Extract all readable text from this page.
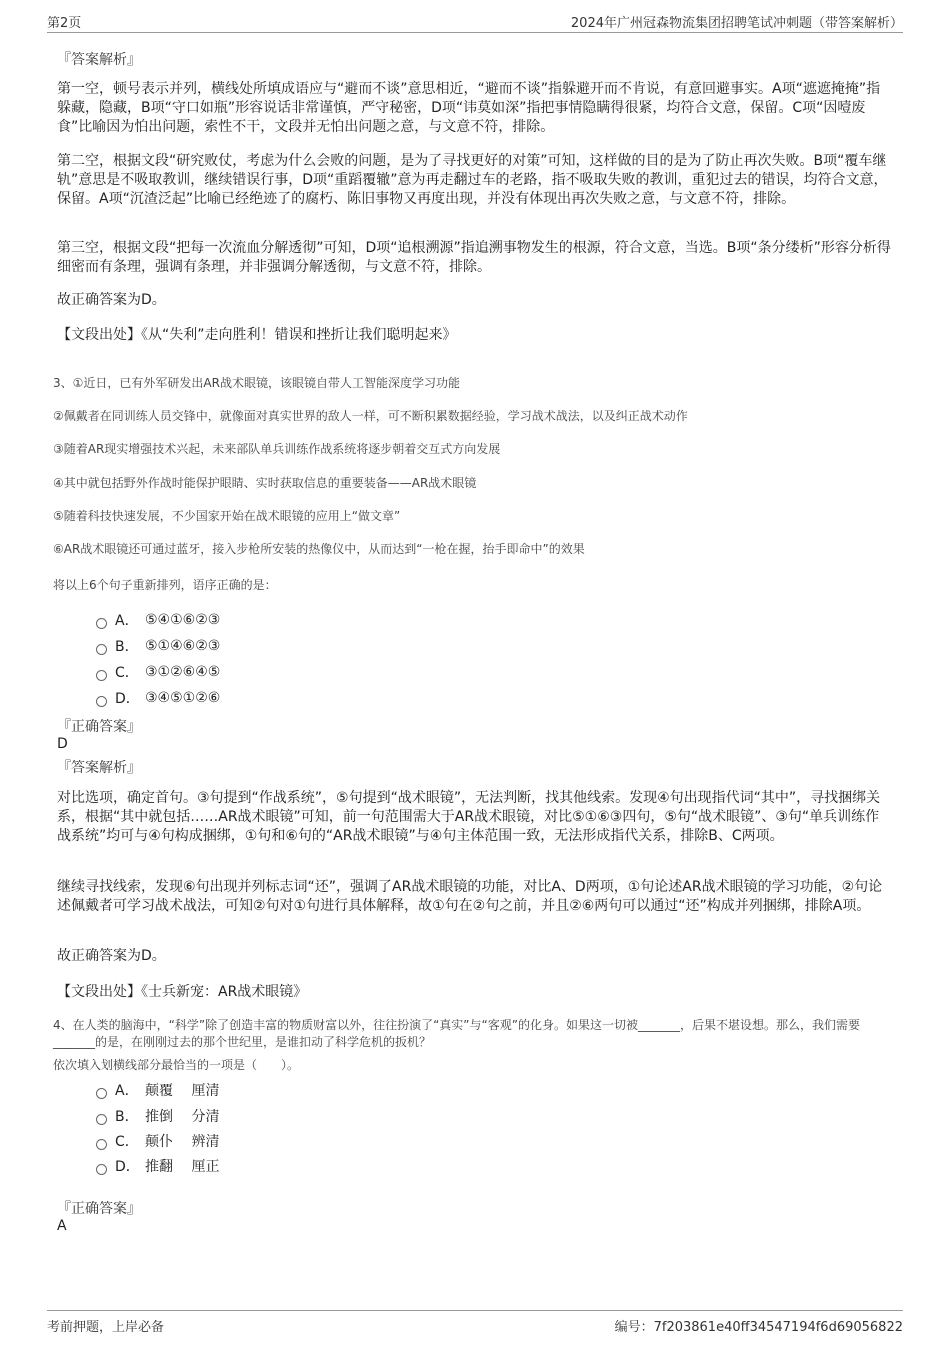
第2页	2024年广州冠森物流集团招聘笔试冲刺题（带答案解析）
『答案解析』
第一空，顿号表示并列，横线处所填成语应与“避而不谈”意思相近，“避而不谈”指躲避开而不肯说，有意回避事实。A项“遮遮掩掩”指躲藏，隐藏，B项“守口如瓶”形容说话非常谨慎，严守秘密，D项“讳莫如深”指把事情隐瞒得很紧，均符合文意，保留。C项“因噎废食”比喻因为怕出问题，索性不干，文段并无怕出问题之意，与文意不符，排除。
第二空，根据文段“研究败仗，考虑为什么会败的问题，是为了寻找更好的对策”可知，这样做的目的是为了防止再次失败。B项“覆车继轨”意思是不吸取教训，继续错误行事，D项“重蹈覆辙”意为再走翻过车的老路，指不吸取失败的教训，重犯过去的错误，均符合文意，保留。A项“沉渣泛起”比喻已经绝迹了的腐朽、陈旧事物又再度出现，并没有体现出再次失败之意，与文意不符，排除。
第三空，根据文段“把每一次流血分解透彻”可知，D项“追根溯源”指追溯事物发生的根源，符合文意，当选。B项“条分缕析”形容分析得细密而有条理，强调有条理，并非强调分解透彻，与文意不符，排除。
故正确答案为D。
【文段出处】《从“失利”走向胜利！错误和挫折让我们聪明起来》
3、①近日，已有外军研发出AR战术眼镜，该眼镜自带人工智能深度学习功能
②佩戴者在同训练人员交锋中，就像面对真实世界的敌人一样，可不断积累数据经验，学习战术战法，以及纠正战术动作
③随着AR现实增强技术兴起，未来部队单兵训练作战系统将逐步朝着交互式方向发展
④其中就包括野外作战时能保护眼睛、实时获取信息的重要装备——AR战术眼镜
⑤随着科技快速发展，不少国家开始在战术眼镜的应用上“做文章”
⑥AR战术眼镜还可通过蓝牙，接入步枪所安装的热像仪中，从而达到“一枪在握，抬手即命中”的效果
将以上6个句子重新排列，语序正确的是：
A． ⑤④①⑥②③
B． ⑤①④⑥②③
C． ③①②⑥④⑤
D． ③④⑤①②⑥
『正确答案』
D
『答案解析』
对比选项，确定首句。③句提到“作战系统”，⑤句提到“战术眼镜”，无法判断，找其他线索。发现④句出现指代词“其中”，寻找捆绑关系，根据“其中就包括……AR战术眼镜”可知，前一句范围需大于AR战术眼镜，对比⑤①⑥③四句，⑤句“战术眼镜”、③句“单兵训练作战系统”均可与④句构成捆绑，①句和⑥句的“AR战术眼镜”与④句主体范围一致，无法形成指代关系，排除B、C两项。
继续寻找线索，发现⑥句出现并列标志词“还”，强调了AR战术眼镜的功能，对比A、D两项，①句论述AR战术眼镜的学习功能，②句论述佩戴者可学习战术战法，可知②句对①句进行具体解释，故①句在②句之前，并且②⑥两句可以通过“还”构成并列捆绑，排除A项。
故正确答案为D。
【文段出处】《士兵新宠：AR战术眼镜》
4、在人类的脑海中，“科学”除了创造丰富的物质财富以外，往往扮演了“真实”与“客观”的化身。如果这一切被_______，后果不堪设想。那么，我们需要_______的是，在刚刚过去的那个世纪里，是谁扣动了科学危机的扳机？
依次填入划横线部分最恰当的一项是（　　）。
A． 颠覆　 厘清
B． 推倒　 分清
C． 颠仆　 辨清
D． 推翻　 厘正
『正确答案』
A
考前押题，上岸必备	编号：7f203861e40ff34547194f6d69056822
